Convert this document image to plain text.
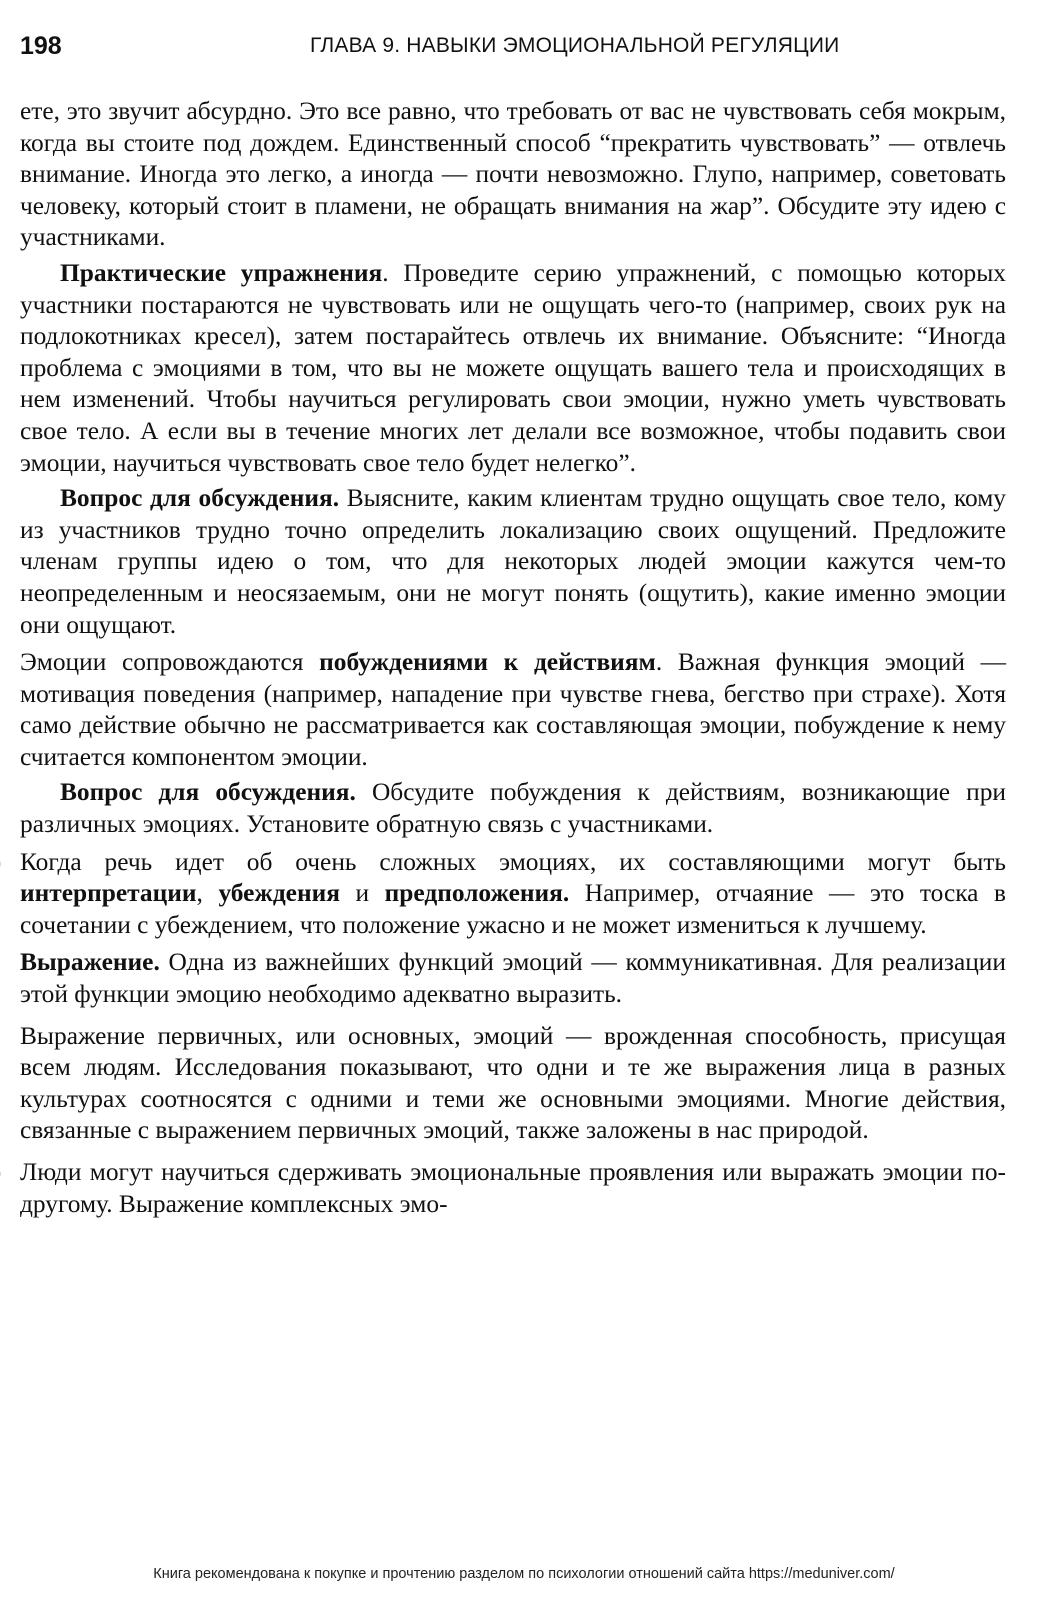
198	ГЛАВА 9. НАВЫКИ ЭМОЦИОНАЛЬНОЙ РЕГУЛЯЦИИ

ете, это звучит абсурдно. Это все равно, что требовать от вас не чувствовать себя мокрым, когда вы стоите под дождем. Единственный способ “прекратить чувствовать” — отвлечь внимание. Иногда это легко, а иногда — почти невозможно. Глупо, например, советовать человеку, который стоит в пламени, не обращать внимания на жар”. Обсудите эту идею с участниками.

Практические упражнения. Проведите серию упражнений, с помощью которых участники постараются не чувствовать или не ощущать чего-то (например, своих рук на подлокотниках кресел), затем постарайтесь отвлечь их внимание. Объясните: “Иногда проблема с эмоциями в том, что вы не можете ощущать вашего тела и происходящих в нем изменений. Чтобы научиться регулировать свои эмоции, нужно уметь чувствовать свое тело. А если вы в течение многих лет делали все возможное, чтобы подавить свои эмоции, научиться чувствовать свое тело будет нелегко”.

Вопрос для обсуждения. Выясните, каким клиентам трудно ощущать свое тело, кому из участников трудно точно определить локализацию своих ощущений. Предложите членам группы идею о том, что для некоторых людей эмоции кажутся чем-то неопределенным и неосязаемым, они не могут понять (ощутить), какие именно эмоции они ощущают.

Эмоции сопровождаются побуждениями к действиям. Важная функция эмоций — мотивация поведения (например, нападение при чувстве гнева, бегство при страхе). Хотя само действие обычно не рассматривается как составляющая эмоции, побуждение к нему считается компонентом эмоции.

Вопрос для обсуждения. Обсудите побуждения к действиям, возникающие при различных эмоциях. Установите обратную связь с участниками.

Когда речь идет об очень сложных эмоциях, их составляющими могут быть интерпретации, убеждения и предположения. Например, отчаяние — это тоска в сочетании с убеждением, что положение ужасно и не может измениться к лучшему.

Выражение. Одна из важнейших функций эмоций — коммуникативная. Для реализации этой функции эмоцию необходимо адекватно выразить.

Выражение первичных, или основных, эмоций — врожденная способность, присущая всем людям. Исследования показывают, что одни и те же выражения лица в разных культурах соотносятся с одними и теми же основными эмоциями. Многие действия, связанные с выражением первичных эмоций, также заложены в нас природой.

Люди могут научиться сдерживать эмоциональные проявления или выражать эмоции по-другому. Выражение комплексных эмо-

Книга рекомендована к покупке и прочтению разделом по психологии отношений сайта https://meduniver.com/
